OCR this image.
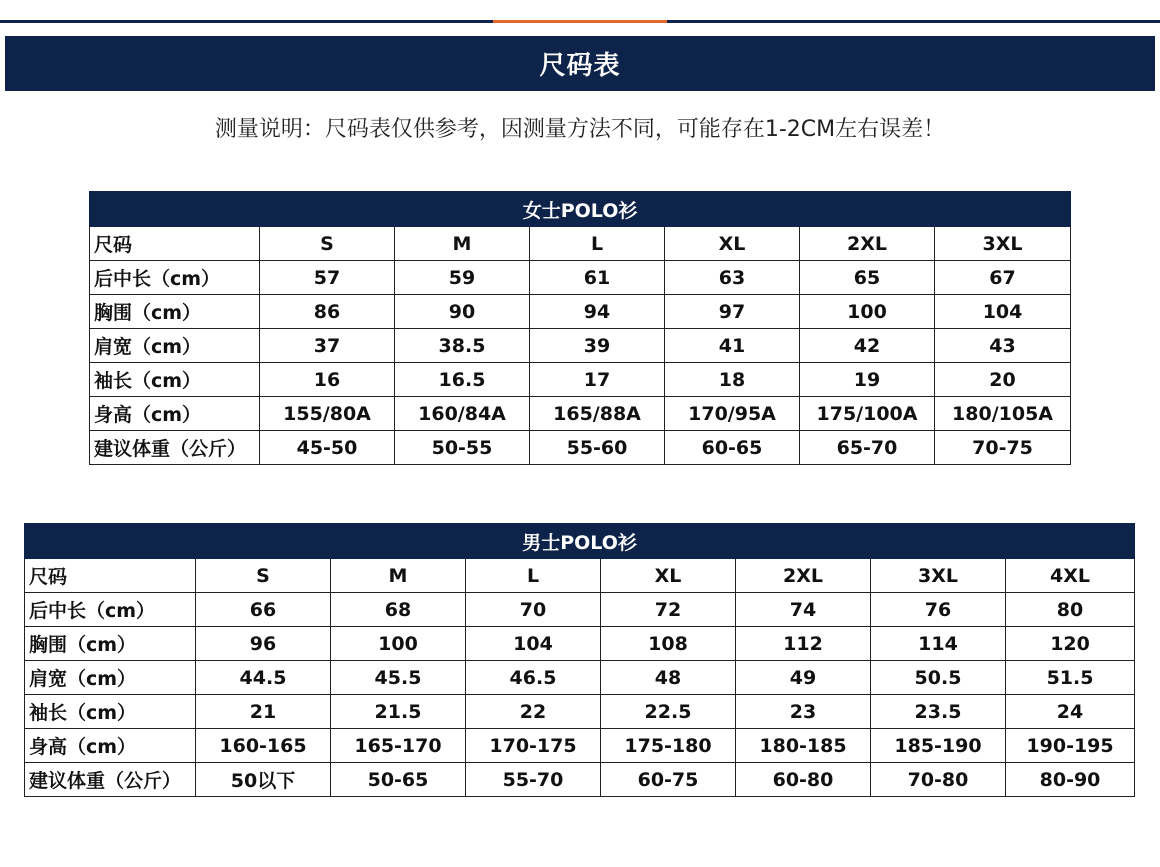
尺码表
测量说明：尺码表仅供参考，因测量方法不同，可能存在1-2CM左右误差！
女士POLO衫						
尺码	S	M	L	XL	2XL	3XL
后中长（cm）	57	59	61	63	65	67
胸围（cm）	86	90	94	97	100	104
肩宽（cm）	37	38.5	39	41	42	43
袖长（cm）	16	16.5	17	18	19	20
身高（cm）	155/80A	160/84A	165/88A	170/95A	175/100A	180/105A
建议体重（公斤）	45-50	50-55	55-60	60-65	65-70	70-75
男士POLO衫							
尺码	S	M	L	XL	2XL	3XL	4XL
后中长（cm）	66	68	70	72	74	76	80
胸围（cm）	96	100	104	108	112	114	120
肩宽（cm）	44.5	45.5	46.5	48	49	50.5	51.5
袖长（cm）	21	21.5	22	22.5	23	23.5	24
身高（cm）	160-165	165-170	170-175	175-180	180-185	185-190	190-195
建议体重（公斤）	50以下	50-65	55-70	60-75	60-80	70-80	80-90
